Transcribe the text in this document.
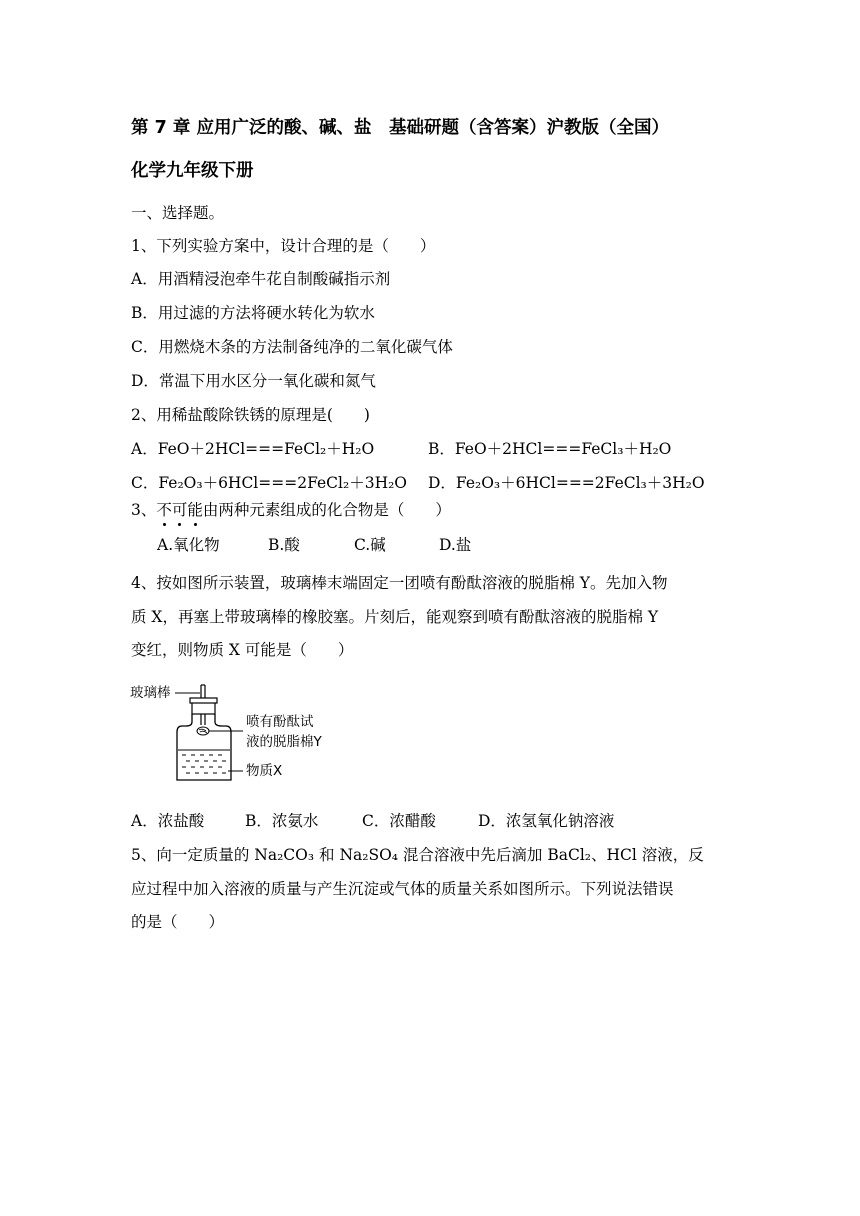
第 7 章 应用广泛的酸、碱、盐　基础研题（含答案）沪教版（全国）
化学九年级下册
一、选择题。
1、下列实验方案中，设计合理的是（　　）
A．用酒精浸泡牵牛花自制酸碱指示剂
B．用过滤的方法将硬水转化为软水
C．用燃烧木条的方法制备纯净的二氧化碳气体
D．常温下用水区分一氧化碳和氮气
2、用稀盐酸除铁锈的原理是(　　)
A．FeO＋2HCl===FeCl₂＋H₂O	B．FeO＋2HCl===FeCl₃＋H₂O
C．Fe₂O₃＋6HCl===2FeCl₂＋3H₂O D．Fe₂O₃＋6HCl===2FeCl₃＋3H₂O
3、不可能由两种元素组成的化合物是（　　）
A.氧化物	B.酸	C.碱	D.盐
4、按如图所示装置，玻璃棒末端固定一团喷有酚酞溶液的脱脂棉 Y。先加入物
质 X，再塞上带玻璃棒的橡胶塞。片刻后，能观察到喷有酚酞溶液的脱脂棉 Y
变红，则物质 X 可能是（　　）
玻璃棒
喷有酚酞试
液的脱脂棉Y
物质X
A．浓盐酸	B．浓氨水	C．浓醋酸	D．浓氢氧化钠溶液
5、向一定质量的 Na₂CO₃ 和 Na₂SO₄ 混合溶液中先后滴加 BaCl₂、HCl 溶液，反
应过程中加入溶液的质量与产生沉淀或气体的质量关系如图所示。下列说法错误
的是（　　）
